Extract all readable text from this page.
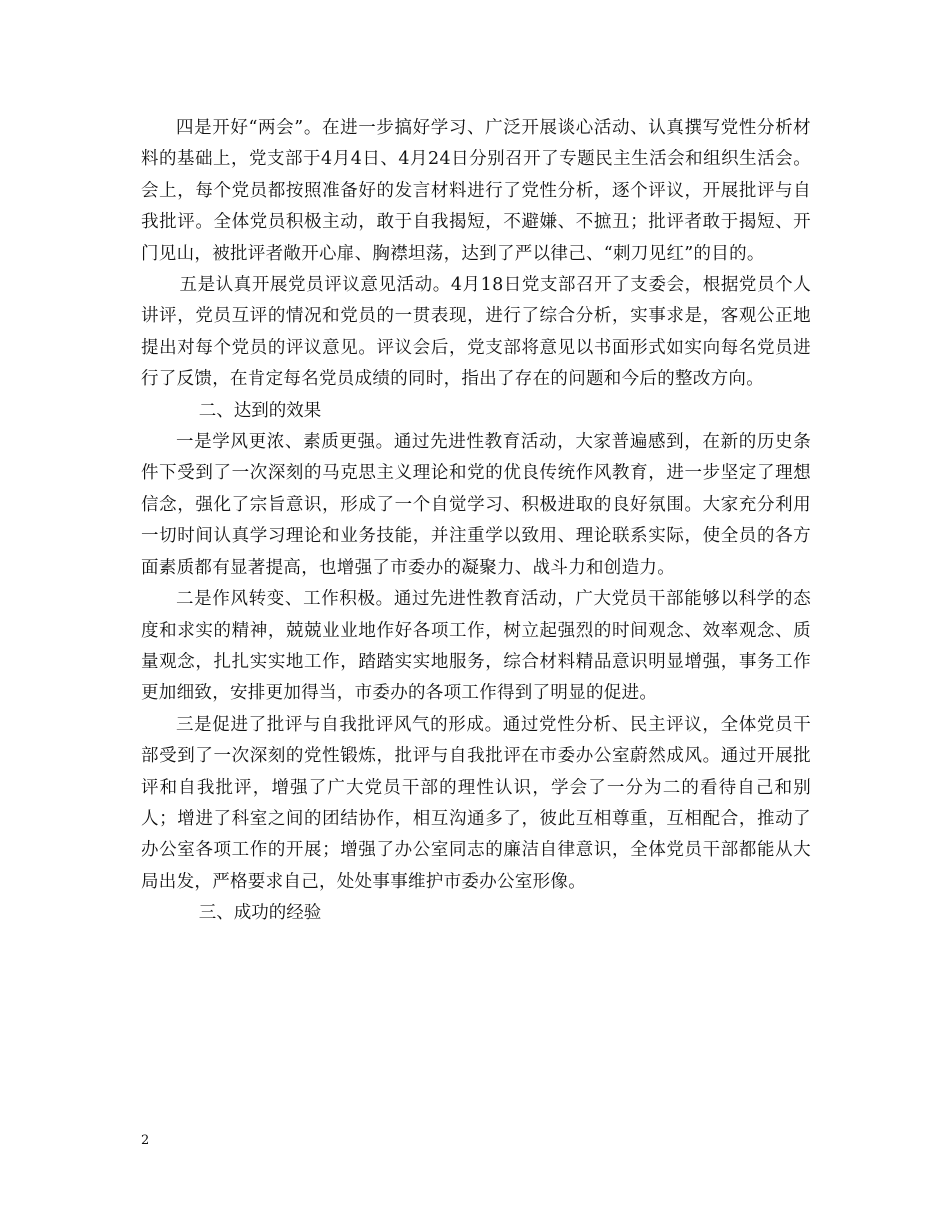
四是开好“两会”。在进一步搞好学习、广泛开展谈心活动、认真撰写党性分析材料的基础上，党支部于4月4日、4月24日分别召开了专题民主生活会和组织生活会。会上，每个党员都按照准备好的发言材料进行了党性分析，逐个评议，开展批评与自我批评。全体党员积极主动，敢于自我揭短，不避嫌、不摭丑；批评者敢于揭短、开门见山，被批评者敞开心扉、胸襟坦荡，达到了严以律己、“刺刀见红”的目的。

五是认真开展党员评议意见活动。4月18日党支部召开了支委会，根据党员个人讲评，党员互评的情况和党员的一贯表现，进行了综合分析，实事求是，客观公正地提出对每个党员的评议意见。评议会后，党支部将意见以书面形式如实向每名党员进行了反馈，在肯定每名党员成绩的同时，指出了存在的问题和今后的整改方向。

二、达到的效果

一是学风更浓、素质更强。通过先进性教育活动，大家普遍感到，在新的历史条件下受到了一次深刻的马克思主义理论和党的优良传统作风教育，进一步坚定了理想信念，强化了宗旨意识，形成了一个自觉学习、积极进取的良好氛围。大家充分利用一切时间认真学习理论和业务技能，并注重学以致用、理论联系实际，使全员的各方面素质都有显著提高，也增强了市委办的凝聚力、战斗力和创造力。

二是作风转变、工作积极。通过先进性教育活动，广大党员干部能够以科学的态度和求实的精神，兢兢业业地作好各项工作，树立起强烈的时间观念、效率观念、质量观念，扎扎实实地工作，踏踏实实地服务，综合材料精品意识明显增强，事务工作更加细致，安排更加得当，市委办的各项工作得到了明显的促进。

三是促进了批评与自我批评风气的形成。通过党性分析、民主评议，全体党员干部受到了一次深刻的党性锻炼，批评与自我批评在市委办公室蔚然成风。通过开展批评和自我批评，增强了广大党员干部的理性认识，学会了一分为二的看待自己和别人；增进了科室之间的团结协作，相互沟通多了，彼此互相尊重，互相配合，推动了办公室各项工作的开展；增强了办公室同志的廉洁自律意识，全体党员干部都能从大局出发，严格要求自己，处处事事维护市委办公室形像。

三、成功的经验

2
